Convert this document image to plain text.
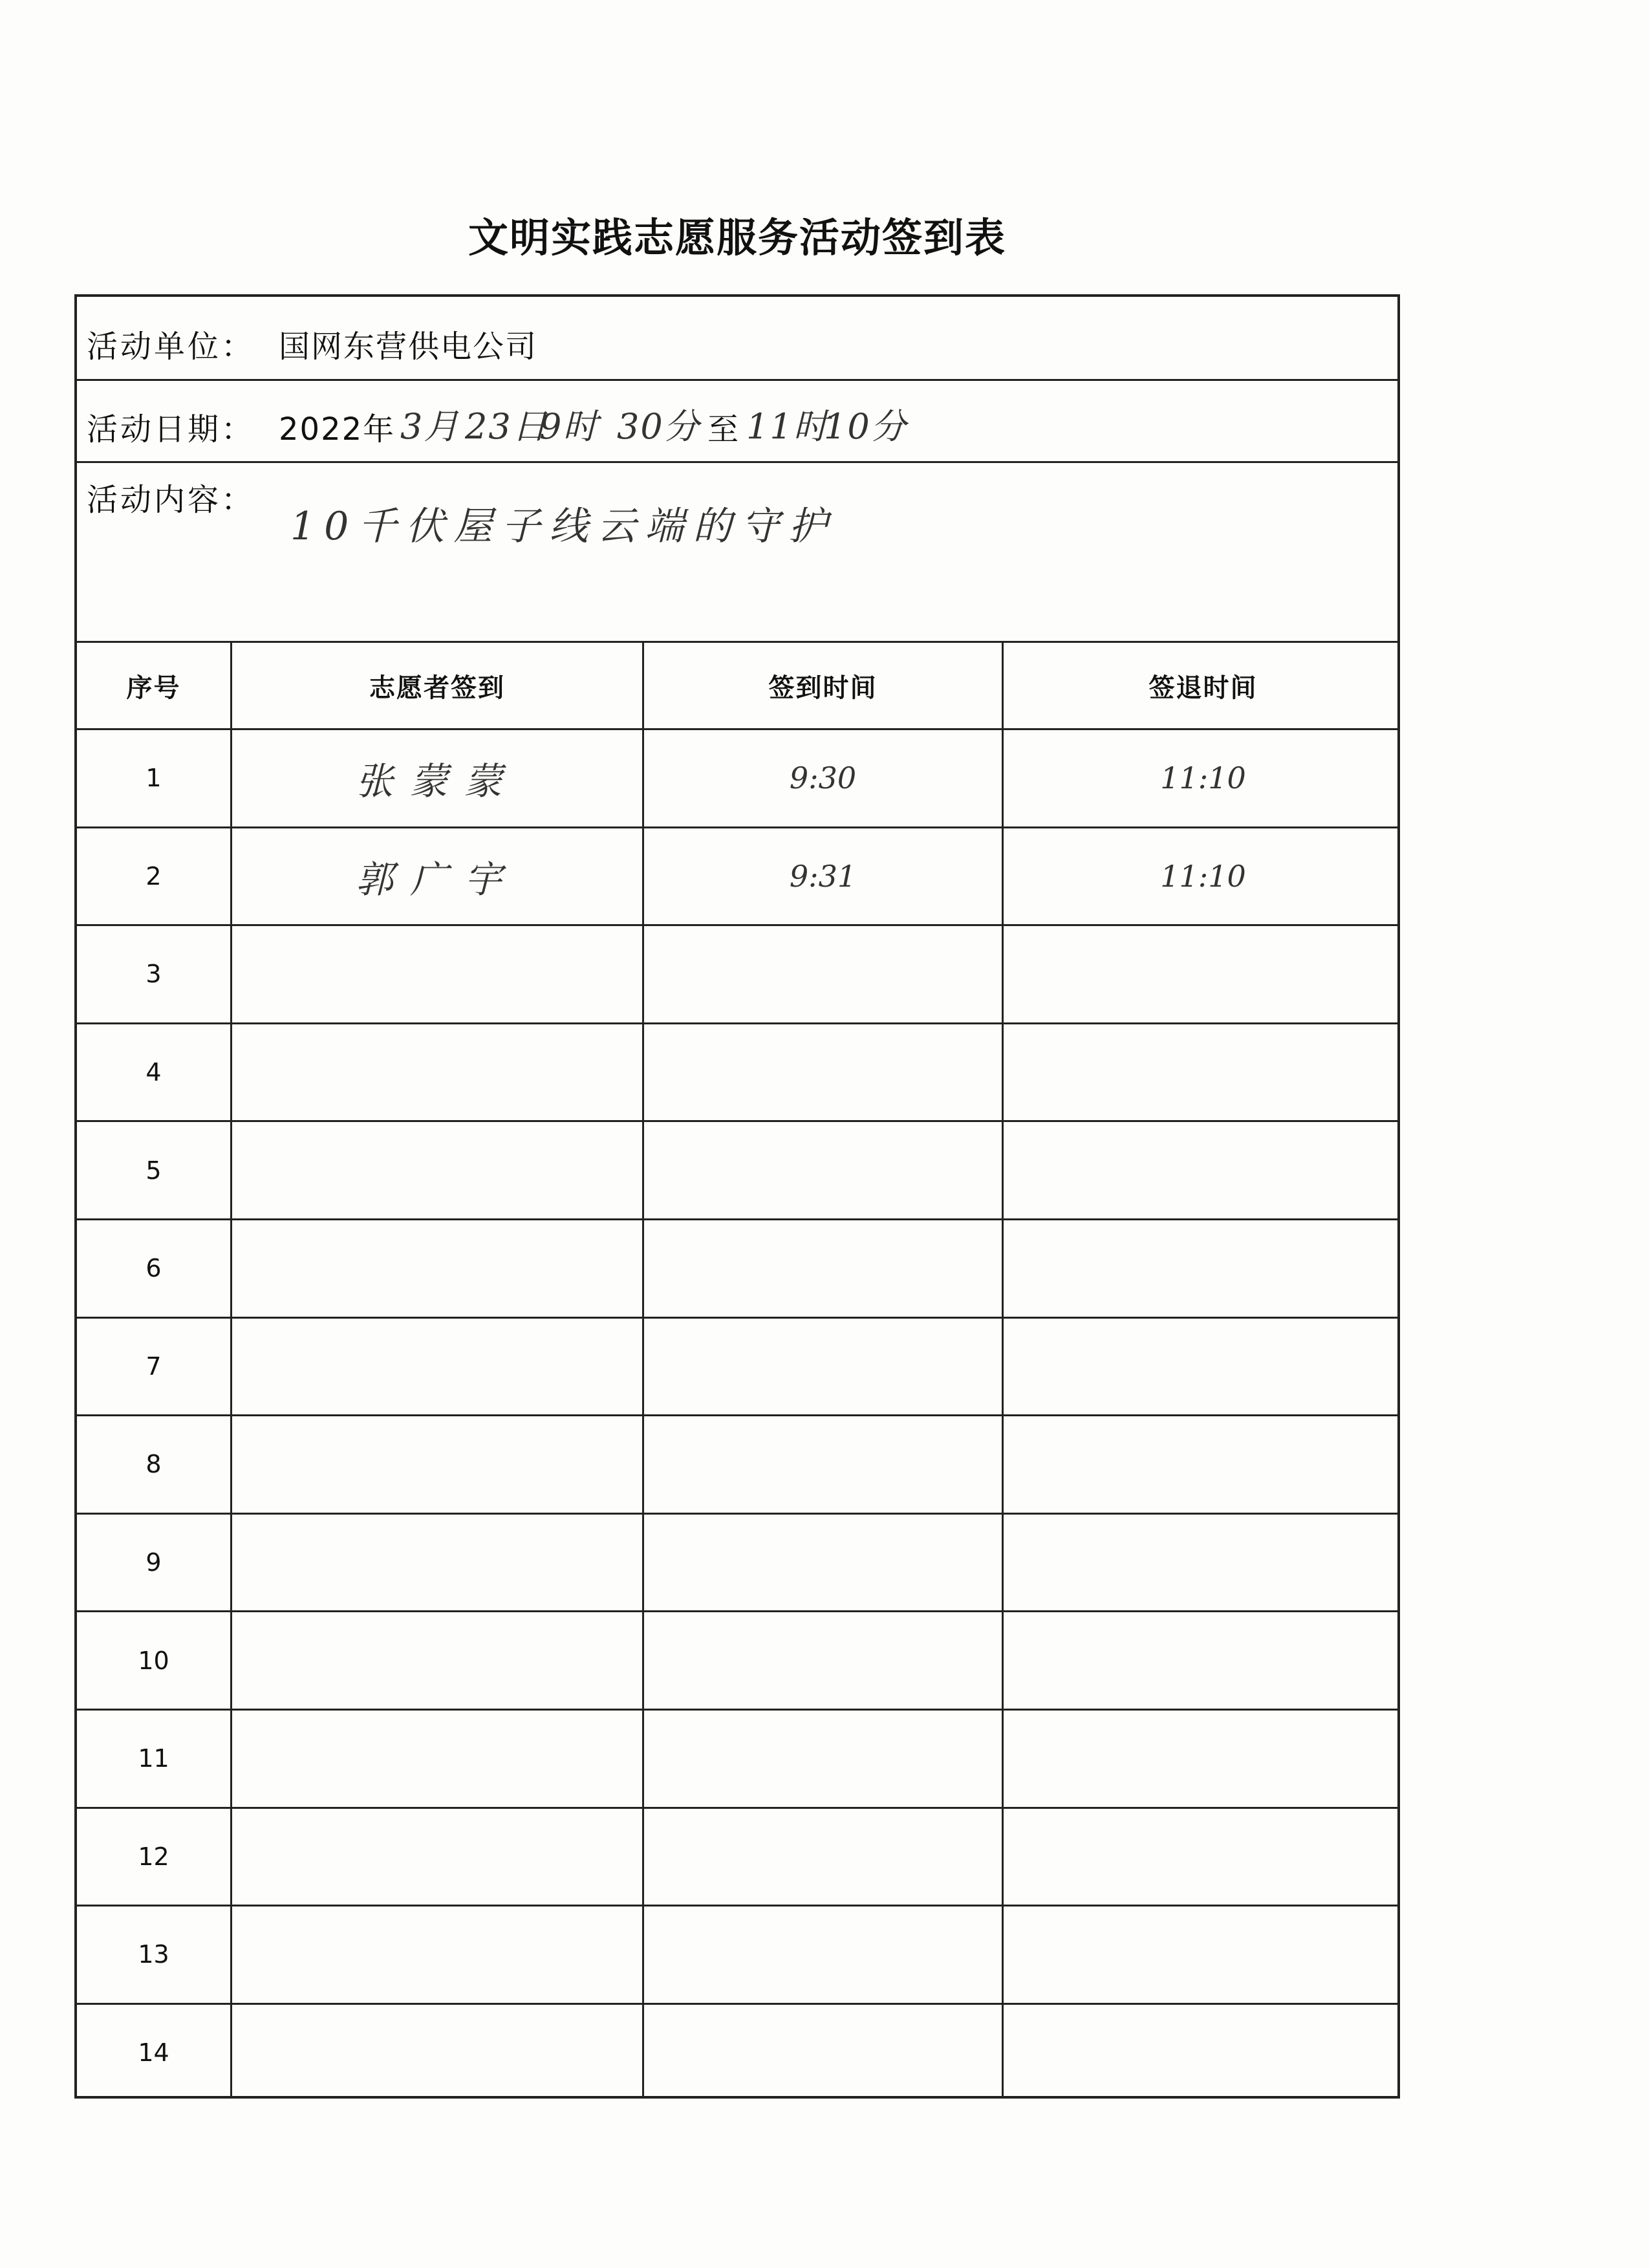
文明实践志愿服务活动签到表
活动单位： 国网东营供电公司
活动日期： 2022年 3月 23日
9时 30分 至 11时
10分
活动内容：
10千伏屋子线云端的守护
序号	志愿者签到	签到时间	签退时间
1	张蒙蒙	9:30	11:10
2	郭广宇	9:31	11:10
3
4
5
6
7
8
9
10
11
12
13
14
